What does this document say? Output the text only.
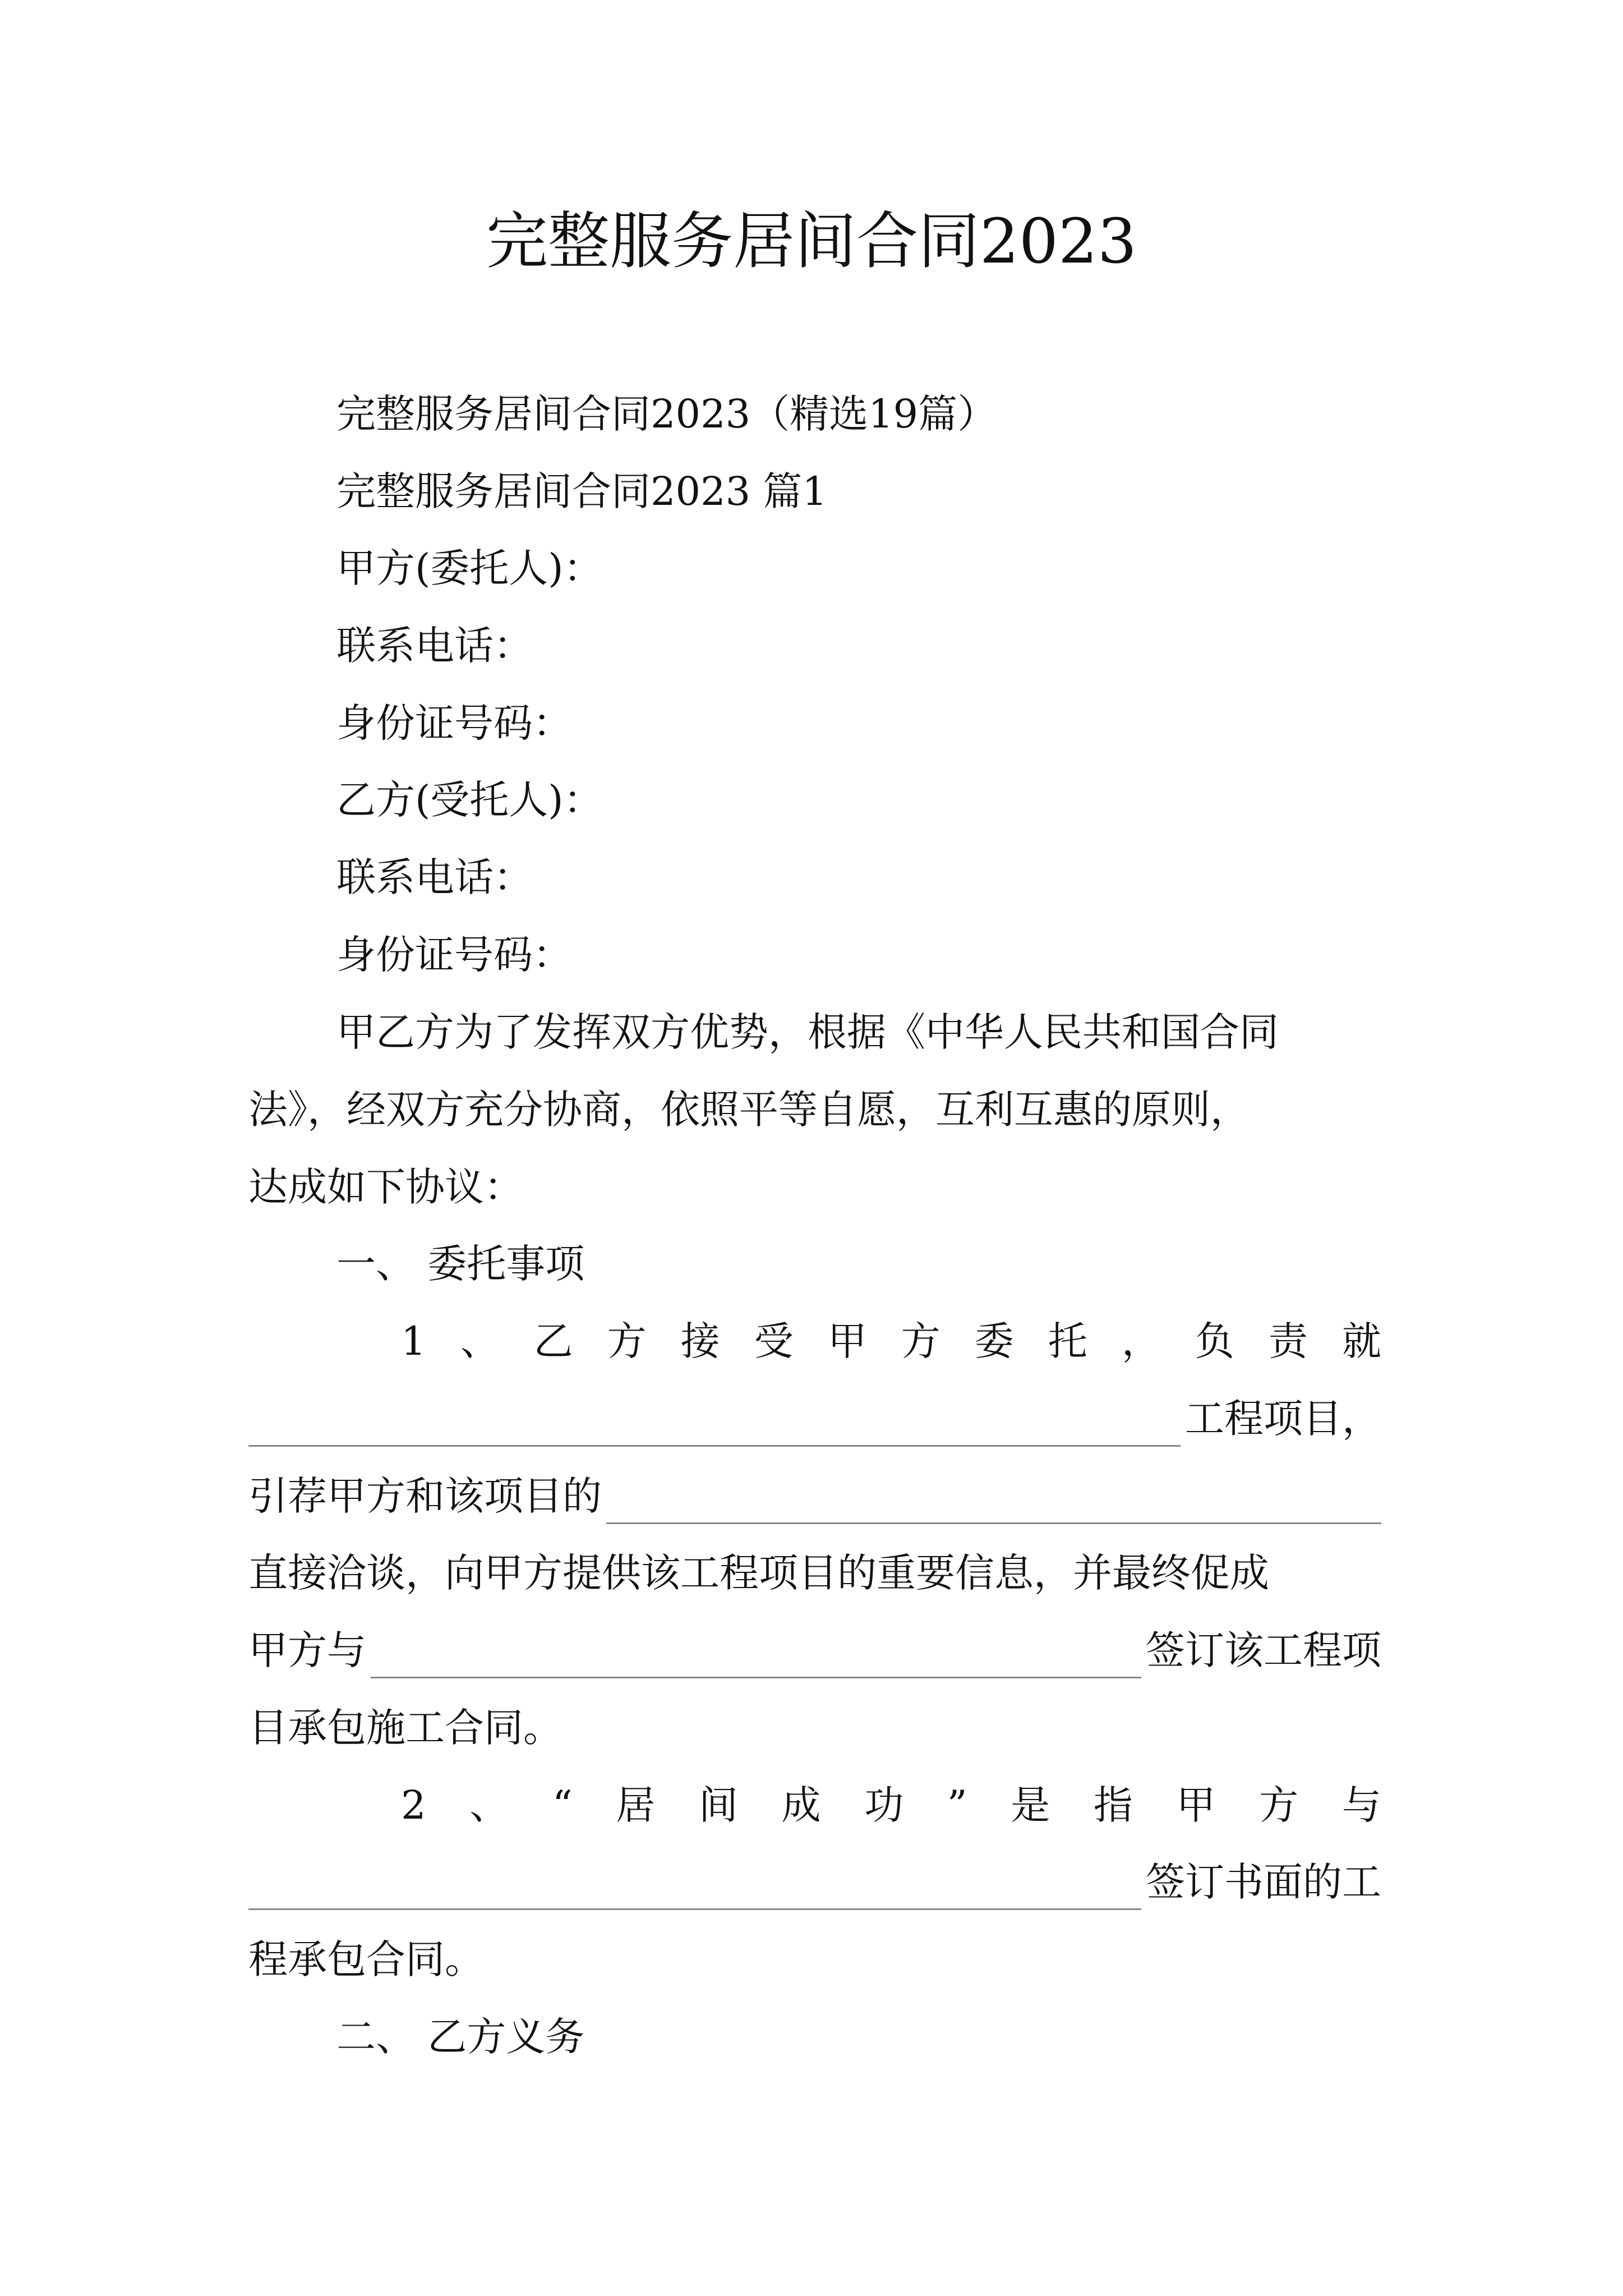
完整服务居间合同2023
完整服务居间合同2023（精选19篇）
完整服务居间合同2023 篇1
甲方(委托人)：
联系电话：
身份证号码：
乙方(受托人)：
联系电话：
身份证号码：
甲乙方为了发挥双方优势，根据《中华人民共和国合同
法》，经双方充分协商，依照平等自愿，互利互惠的原则，
达成如下协议：
一、 委托事项
1 、 乙 方 接 受 甲 方 委 托 ， 负 责 就
工程项目，
引荐甲方和该项目的
直接洽谈，向甲方提供该工程项目的重要信息，并最终促成
甲方与	签订该工程项
目承包施工合同。
2 、 “ 居 间 成 功 ” 是 指 甲 方 与
签订书面的工
程承包合同。
二、 乙方义务
